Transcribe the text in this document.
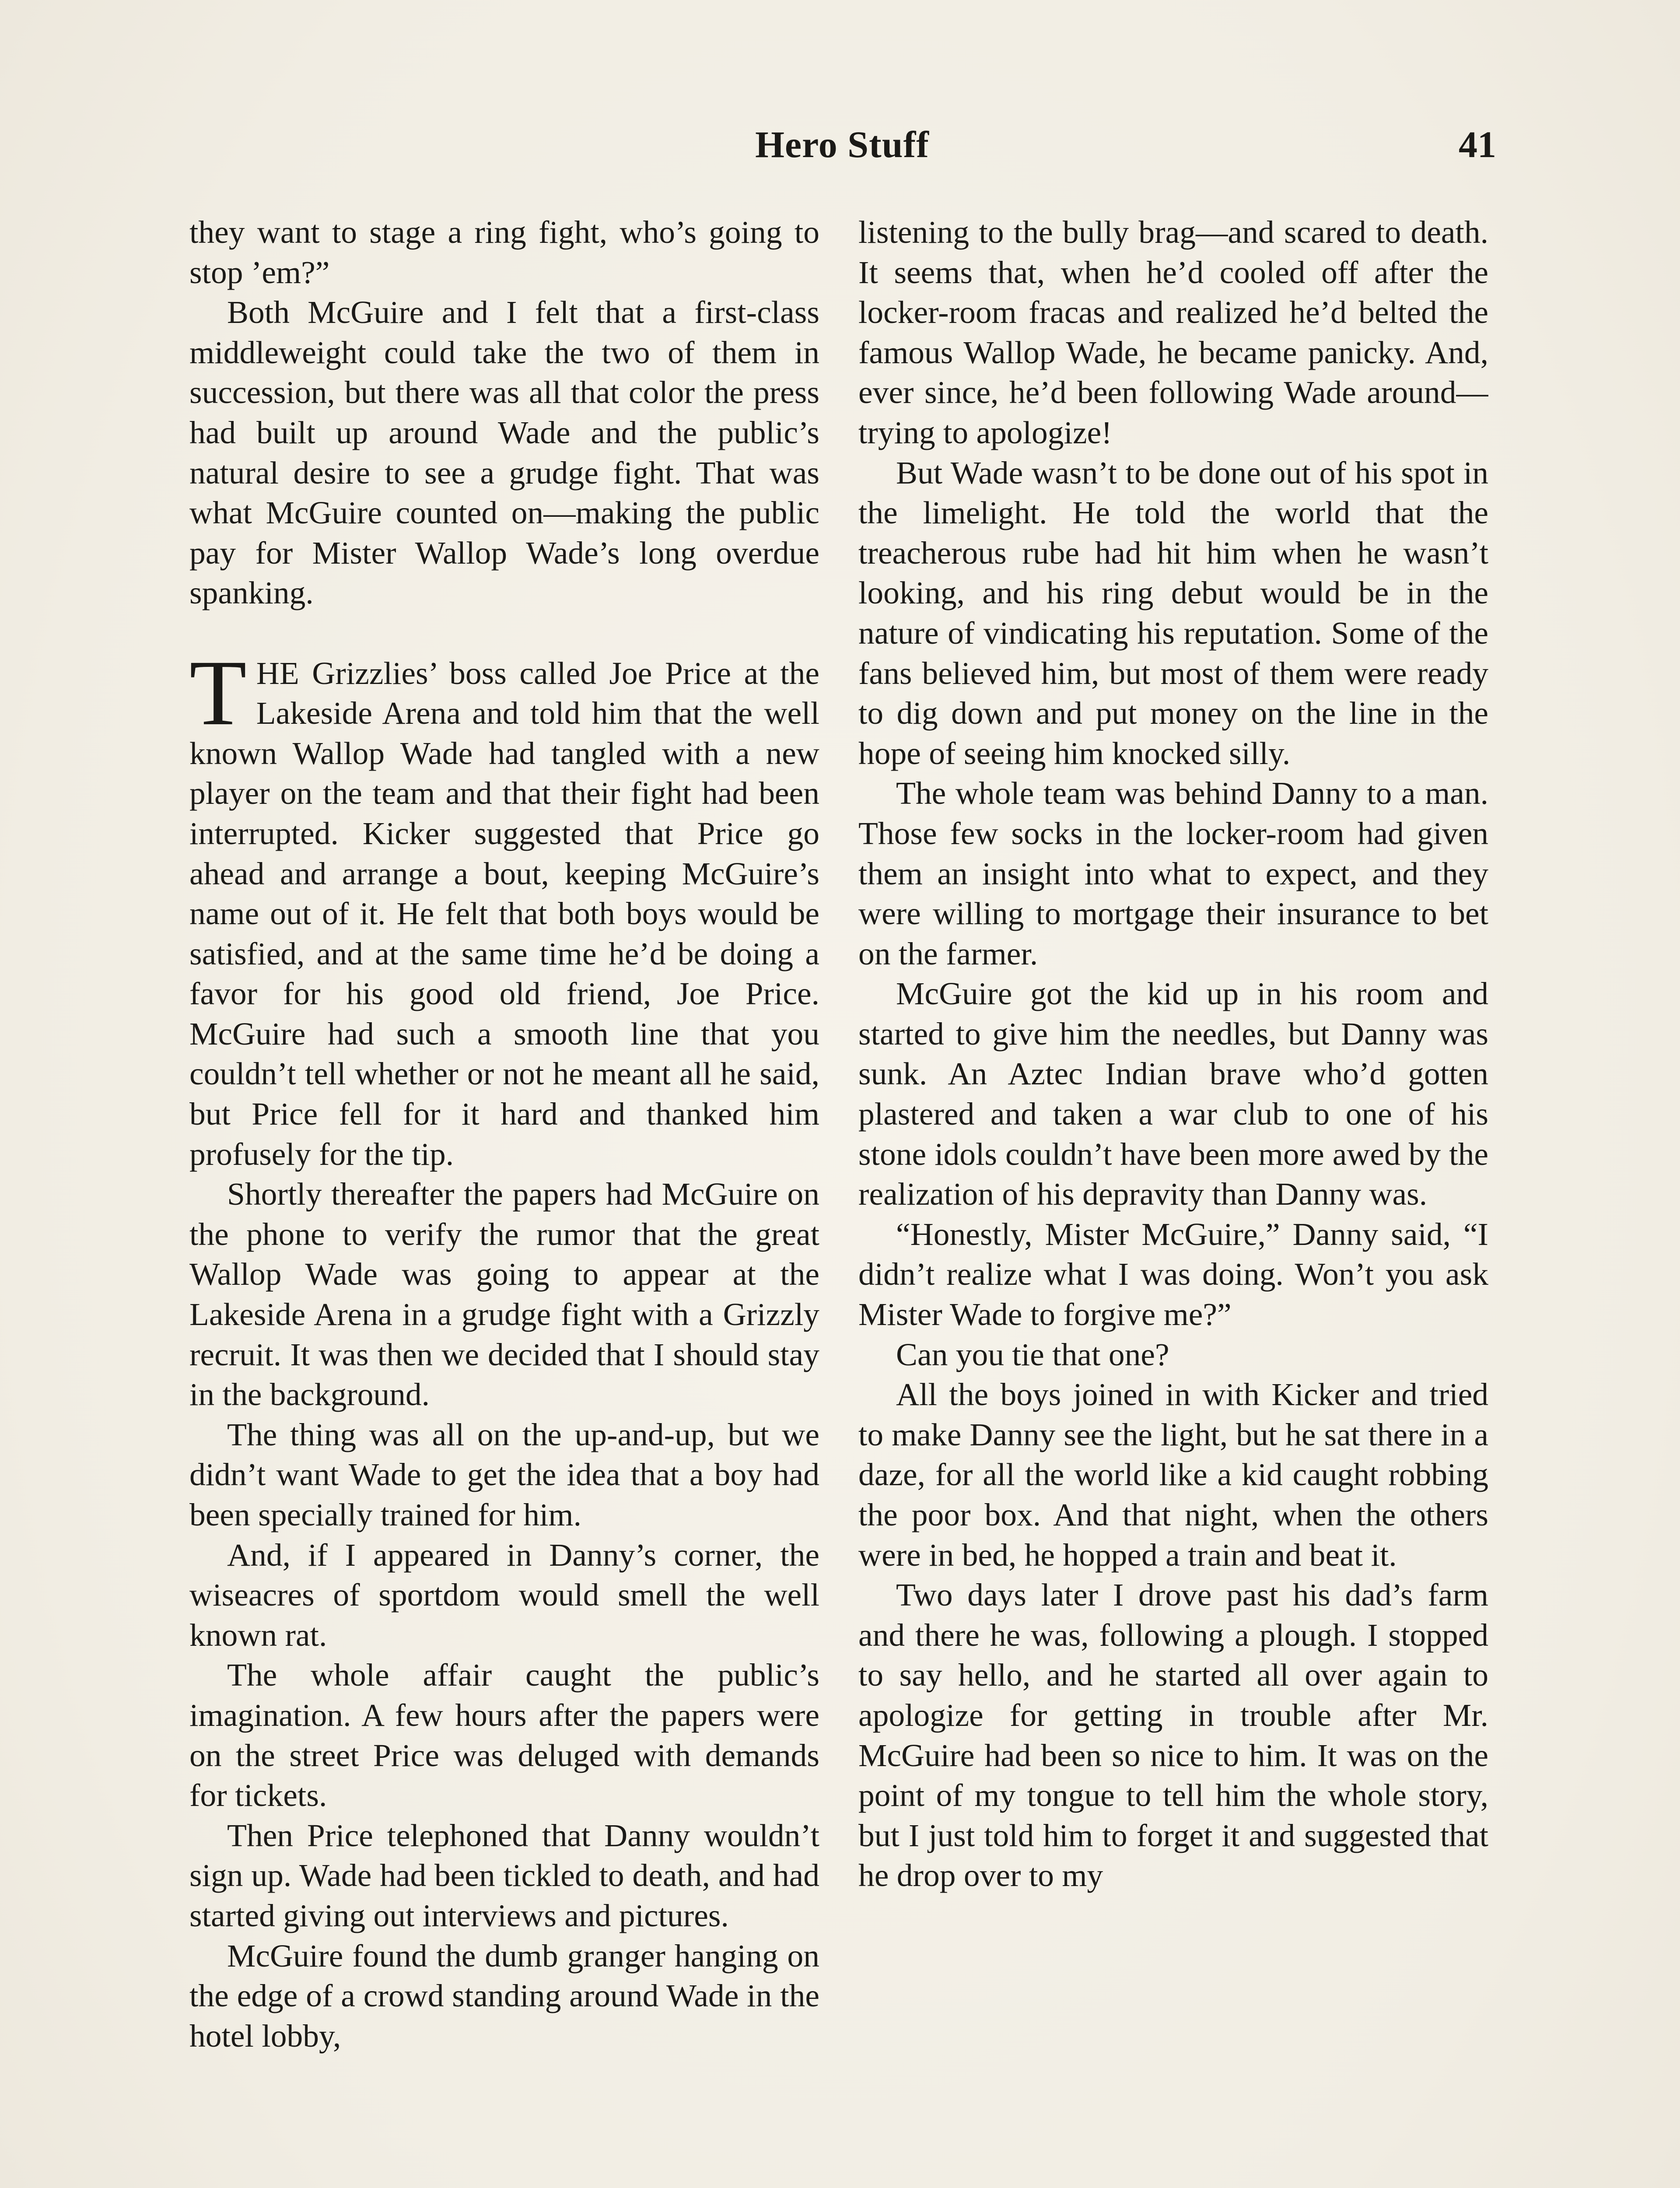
Hero Stuff	41

they want to stage a ring fight, who’s going to stop ’em?”

Both McGuire and I felt that a first-class middleweight could take the two of them in succession, but there was all that color the press had built up around Wade and the public’s natural desire to see a grudge fight. That was what McGuire counted on—making the public pay for Mister Wallop Wade’s long overdue spanking.

THE Grizzlies’ boss called Joe Price at the Lakeside Arena and told him that the well known Wallop Wade had tangled with a new player on the team and that their fight had been interrupted. Kicker suggested that Price go ahead and arrange a bout, keeping McGuire’s name out of it. He felt that both boys would be satisfied, and at the same time he’d be doing a favor for his good old friend, Joe Price. McGuire had such a smooth line that you couldn’t tell whether or not he meant all he said, but Price fell for it hard and thanked him profusely for the tip.

Shortly thereafter the papers had McGuire on the phone to verify the rumor that the great Wallop Wade was going to appear at the Lakeside Arena in a grudge fight with a Grizzly recruit. It was then we decided that I should stay in the background.

The thing was all on the up-and-up, but we didn’t want Wade to get the idea that a boy had been specially trained for him.

And, if I appeared in Danny’s corner, the wiseacres of sportdom would smell the well known rat.

The whole affair caught the public’s imagination. A few hours after the papers were on the street Price was deluged with demands for tickets.

Then Price telephoned that Danny wouldn’t sign up. Wade had been tickled to death, and had started giving out interviews and pictures.

McGuire found the dumb granger hanging on the edge of a crowd standing around Wade in the hotel lobby,

listening to the bully brag—and scared to death. It seems that, when he’d cooled off after the locker-room fracas and realized he’d belted the famous Wallop Wade, he became panicky. And, ever since, he’d been following Wade around—trying to apologize!

But Wade wasn’t to be done out of his spot in the limelight. He told the world that the treacherous rube had hit him when he wasn’t looking, and his ring debut would be in the nature of vindicating his reputation. Some of the fans believed him, but most of them were ready to dig down and put money on the line in the hope of seeing him knocked silly.

The whole team was behind Danny to a man. Those few socks in the locker-room had given them an insight into what to expect, and they were willing to mortgage their insurance to bet on the farmer.

McGuire got the kid up in his room and started to give him the needles, but Danny was sunk. An Aztec Indian brave who’d gotten plastered and taken a war club to one of his stone idols couldn’t have been more awed by the realization of his depravity than Danny was.

“Honestly, Mister McGuire,” Danny said, “I didn’t realize what I was doing. Won’t you ask Mister Wade to forgive me?”

Can you tie that one?

All the boys joined in with Kicker and tried to make Danny see the light, but he sat there in a daze, for all the world like a kid caught robbing the poor box. And that night, when the others were in bed, he hopped a train and beat it.

Two days later I drove past his dad’s farm and there he was, following a plough. I stopped to say hello, and he started all over again to apologize for getting in trouble after Mr. McGuire had been so nice to him. It was on the point of my tongue to tell him the whole story, but I just told him to forget it and suggested that he drop over to my
